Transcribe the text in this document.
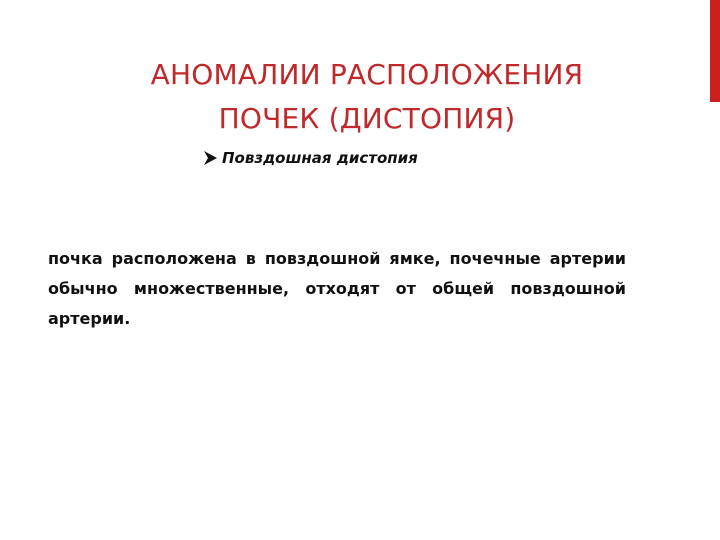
АНОМАЛИИ РАСПОЛОЖЕНИЯ
ПОЧЕК (ДИСТОПИЯ)
Повздошная дистопия

почка расположена в повздошной ямке, почечные артерии обычно множественные, отходят от общей повздошной артерии.
